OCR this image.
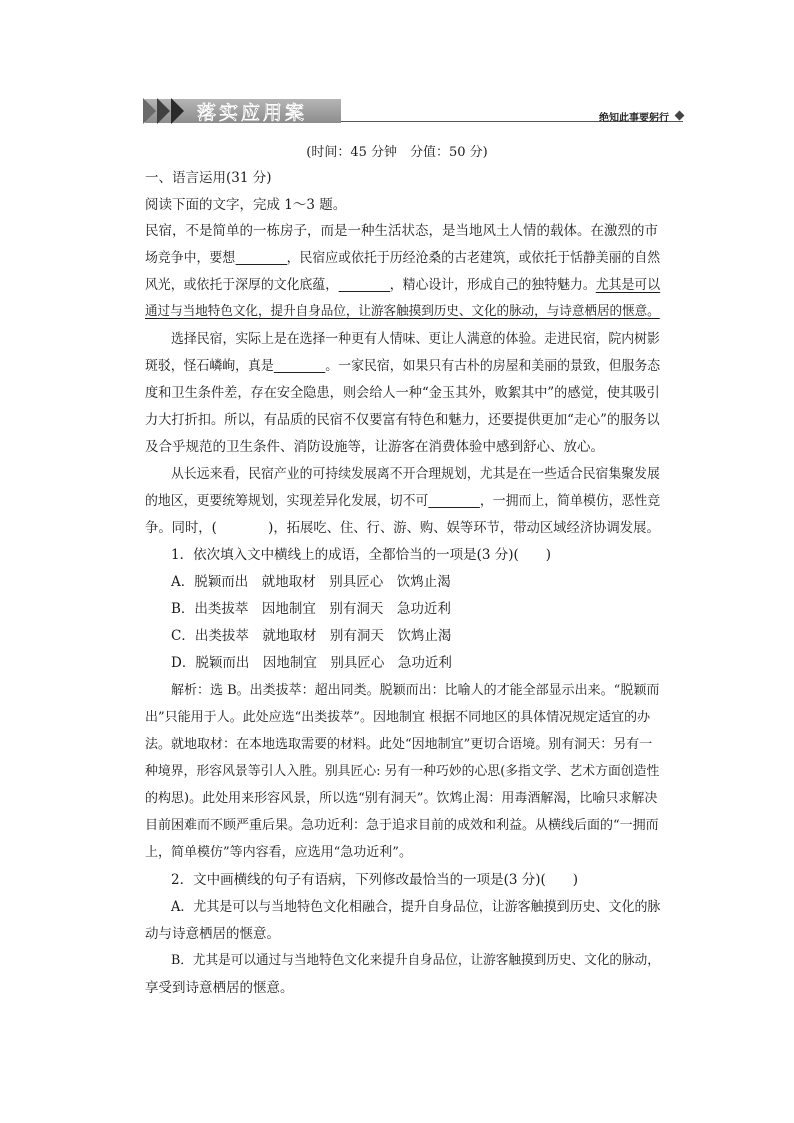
落实应用案	绝知此事要躬行
(时间：45 分钟　分值：50 分)
一、语言运用(31 分)
阅读下面的文字，完成 1～3 题。
民宿，不是简单的一栋房子，而是一种生活状态，是当地风土人情的载体。在激烈的市
场竞争中，要想	，民宿应或依托于历经沧桑的古老建筑，或依托于恬静美丽的自然
风光，或依托于深厚的文化底蕴，	，精心设计，形成自己的独特魅力。尤其是可以
通过与当地特色文化，提升自身品位，让游客触摸到历史、文化的脉动，与诗意栖居的惬意。
选择民宿，实际上是在选择一种更有人情味、更让人满意的体验。走进民宿，院内树影
斑驳，怪石嶙峋，真是	。一家民宿，如果只有古朴的房屋和美丽的景致，但服务态
度和卫生条件差，存在安全隐患，则会给人一种“金玉其外，败絮其中”的感觉，使其吸引
力大打折扣。所以，有品质的民宿不仅要富有特色和魅力，还要提供更加“走心”的服务以
及合乎规范的卫生条件、消防设施等，让游客在消费体验中感到舒心、放心。
从长远来看，民宿产业的可持续发展离不开合理规划，尤其是在一些适合民宿集聚发展
的地区，更要统筹规划，实现差异化发展，切不可	，一拥而上，简单模仿，恶性竞
争。同时，(	)，拓展吃、住、行、游、购、娱等环节，带动区域经济协调发展。
1．依次填入文中横线上的成语，全都恰当的一项是(3 分)(　　)
A．脱颖而出　就地取材　别具匠心　饮鸩止渴
B．出类拔萃　因地制宜　别有洞天　急功近利
C．出类拔萃　就地取材　别有洞天　饮鸩止渴
D．脱颖而出　因地制宜　别具匠心　急功近利
解析：选 B。出类拔萃：超出同类。脱颖而出：比喻人的才能全部显示出来。“脱颖而
出”只能用于人。此处应选“出类拔萃”。因地制宜 根据不同地区的具体情况规定适宜的办
法。就地取材：在本地选取需要的材料。此处“因地制宜”更切合语境。别有洞天：另有一
种境界，形容风景等引人入胜。别具匠心: 另有一种巧妙的心思(多指文学、艺术方面创造性
的构思)。此处用来形容风景，所以选“别有洞天”。饮鸩止渴：用毒酒解渴，比喻只求解决
目前困难而不顾严重后果。急功近利：急于追求目前的成效和利益。从横线后面的“一拥而
上，简单模仿”等内容看，应选用“急功近利”。
2．文中画横线的句子有语病，下列修改最恰当的一项是(3 分)(　　)
A．尤其是可以与当地特色文化相融合，提升自身品位，让游客触摸到历史、文化的脉
动与诗意栖居的惬意。
B．尤其是可以通过与当地特色文化来提升自身品位，让游客触摸到历史、文化的脉动，
享受到诗意栖居的惬意。
